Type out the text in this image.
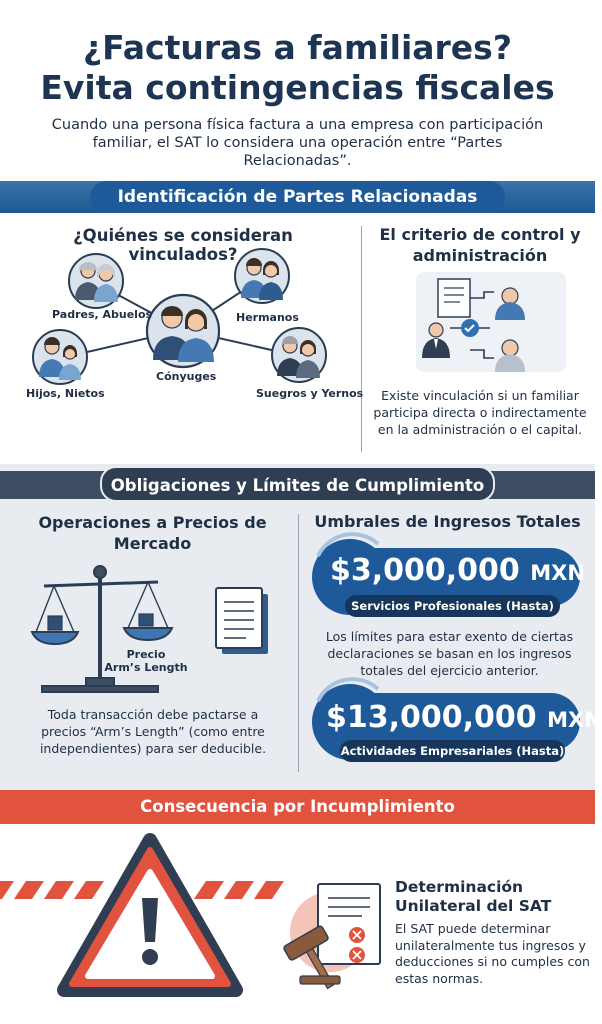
¿Facturas a familiares?
Evita contingencias fiscales
Cuando una persona física factura a una empresa con participación familiar, el SAT lo considera una operación entre “Partes Relacionadas”.
Identificación de Partes Relacionadas
¿Quiénes se consideran vinculados?
Padres, Abuelos	Hermanos
Cónyuges
Hijos, Nietos	Suegros y Yernos
El criterio de control y administración
Existe vinculación si un familiar participa directa o indirectamente en la administración o el capital.
Obligaciones y Límites de Cumplimiento
Operaciones a Precios de Mercado
Umbrales de Ingresos Totales
Precio
Arm’s Length
Toda transacción debe pactarse a precios “Arm’s Length” (como entre independientes) para ser deducible.
$3,000,000 MXN
Servicios Profesionales (Hasta)
Los límites para estar exento de ciertas declaraciones se basan en los ingresos totales del ejercicio anterior.
$13,000,000 MXN
Actividades Empresariales (Hasta)
Consecuencia por Incumplimiento
Determinación Unilateral del SAT
El SAT puede determinar unilateralmente tus ingresos y deducciones si no cumples con estas normas.
